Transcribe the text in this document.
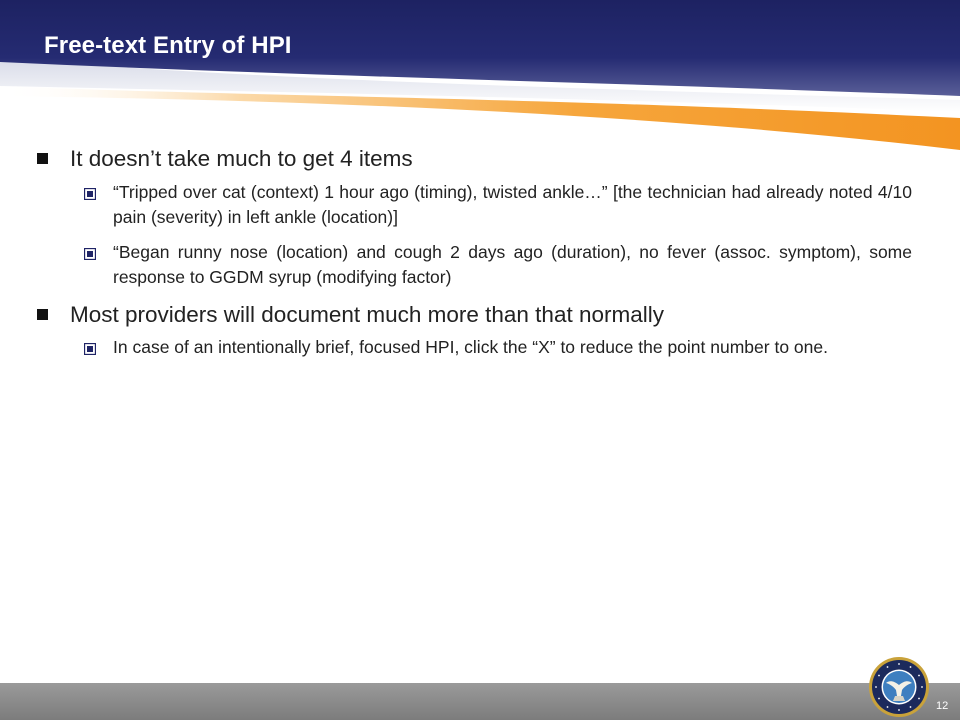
Free-text Entry of HPI
It doesn’t take much to get 4 items
“Tripped over cat (context) 1 hour ago (timing), twisted ankle…” [the technician had already noted 4/10 pain (severity) in left ankle (location)]
“Began runny nose (location) and cough 2 days ago (duration), no fever (assoc. symptom), some response to GGDM syrup (modifying factor)
Most providers will document much more than that normally
In case of an intentionally brief, focused HPI, click the “X” to reduce the point number to one.
12
